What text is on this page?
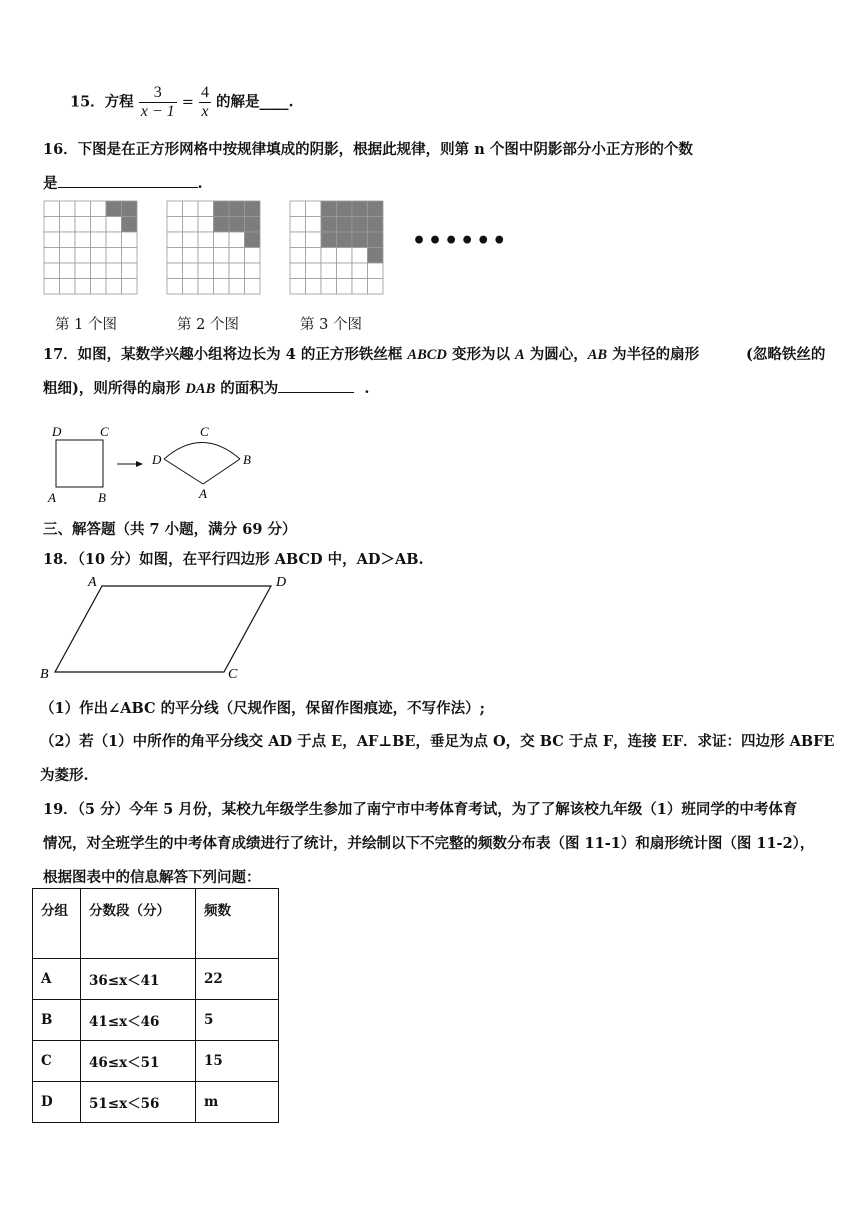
15．方程 $\frac{3}{x - 1} = \frac{4}{x}$ 的解是____.
16．下图是在正方形网格中按规律填成的阴影，根据此规律，则第 n 个图中阴影部分小正方形的个数
是	.
••••••
第 1 个图	第 2 个图	第 3 个图
17．如图，某数学兴趣小组将边长为 4 的正方形铁丝框 ABCD 变形为以 A 为圆心，AB 为半径的扇形	(忽略铁丝的
粗细)，则所得的扇形 DAB 的面积为	.
D	C
A	B
C
D	B
A
三、解答题（共 7 小题，满分 69 分）
18．（10 分）如图，在平行四边形 ABCD 中，AD＞AB.
A	D
B	C
（1）作出∠ABC 的平分线（尺规作图，保留作图痕迹，不写作法）;
（2）若（1）中所作的角平分线交 AD 于点 E，AF⊥BE，垂足为点 O，交 BC 于点 F，连接 EF．求证：四边形 ABFE
为菱形.
19．（5 分）今年 5 月份，某校九年级学生参加了南宁市中考体育考试，为了了解该校九年级（1）班同学的中考体育
情况，对全班学生的中考体育成绩进行了统计，并绘制以下不完整的频数分布表（图 11-1）和扇形统计图（图 11-2），
根据图表中的信息解答下列问题：
分组	分数段（分）	频数
A	36≤x＜41	22
B	41≤x＜46	5
C	46≤x＜51	15
D	51≤x＜56	m
